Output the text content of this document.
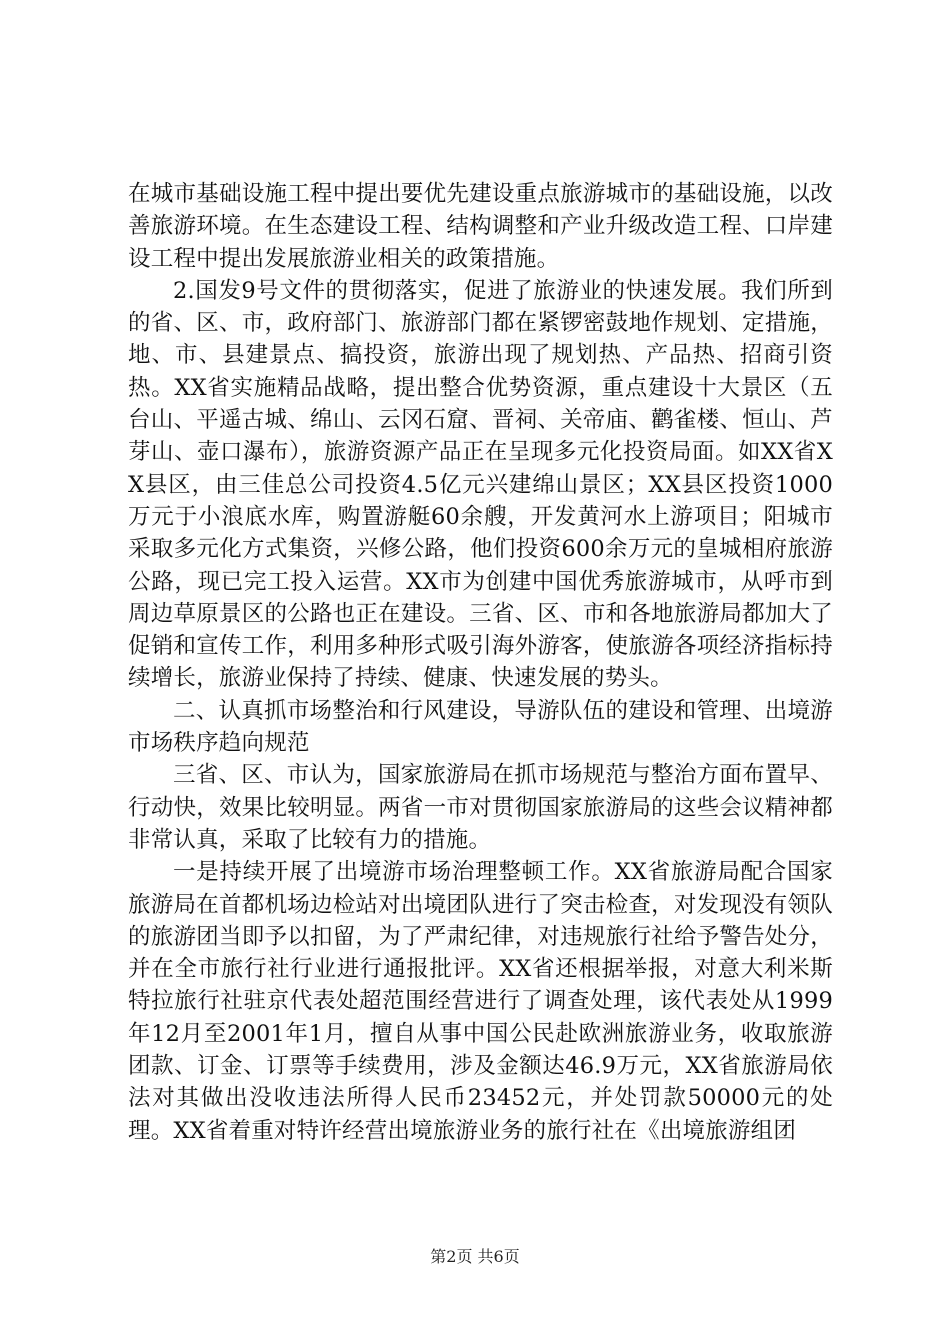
在城市基础设施工程中提出要优先建设重点旅游城市的基础设施，以改善旅游环境。在生态建设工程、结构调整和产业升级改造工程、口岸建设工程中提出发展旅游业相关的政策措施。

2.国发9号文件的贯彻落实，促进了旅游业的快速发展。我们所到的省、区、市，政府部门、旅游部门都在紧锣密鼓地作规划、定措施，地、市、县建景点、搞投资，旅游出现了规划热、产品热、招商引资热。XX省实施精品战略，提出整合优势资源，重点建设十大景区（五台山、平遥古城、绵山、云冈石窟、晋祠、关帝庙、鹳雀楼、恒山、芦芽山、壶口瀑布），旅游资源产品正在呈现多元化投资局面。如XX省XX县区，由三佳总公司投资4.5亿元兴建绵山景区；XX县区投资1000万元于小浪底水库，购置游艇60余艘，开发黄河水上游项目；阳城市采取多元化方式集资，兴修公路，他们投资600余万元的皇城相府旅游公路，现已完工投入运营。XX市为创建中国优秀旅游城市，从呼市到周边草原景区的公路也正在建设。三省、区、市和各地旅游局都加大了促销和宣传工作，利用多种形式吸引海外游客，使旅游各项经济指标持续增长，旅游业保持了持续、健康、快速发展的势头。

二、认真抓市场整治和行风建设，导游队伍的建设和管理、出境游市场秩序趋向规范

三省、区、市认为，国家旅游局在抓市场规范与整治方面布置早、行动快，效果比较明显。两省一市对贯彻国家旅游局的这些会议精神都非常认真，采取了比较有力的措施。

一是持续开展了出境游市场治理整顿工作。XX省旅游局配合国家旅游局在首都机场边检站对出境团队进行了突击检查，对发现没有领队的旅游团当即予以扣留，为了严肃纪律，对违规旅行社给予警告处分，并在全市旅行社行业进行通报批评。XX省还根据举报，对意大利米斯特拉旅行社驻京代表处超范围经营进行了调查处理，该代表处从1999年12月至2001年1月，擅自从事中国公民赴欧洲旅游业务，收取旅游团款、订金、订票等手续费用，涉及金额达46.9万元，XX省旅游局依法对其做出没收违法所得人民币23452元，并处罚款50000元的处理。XX省着重对特许经营出境旅游业务的旅行社在《出境旅游组团

第2页 共6页
